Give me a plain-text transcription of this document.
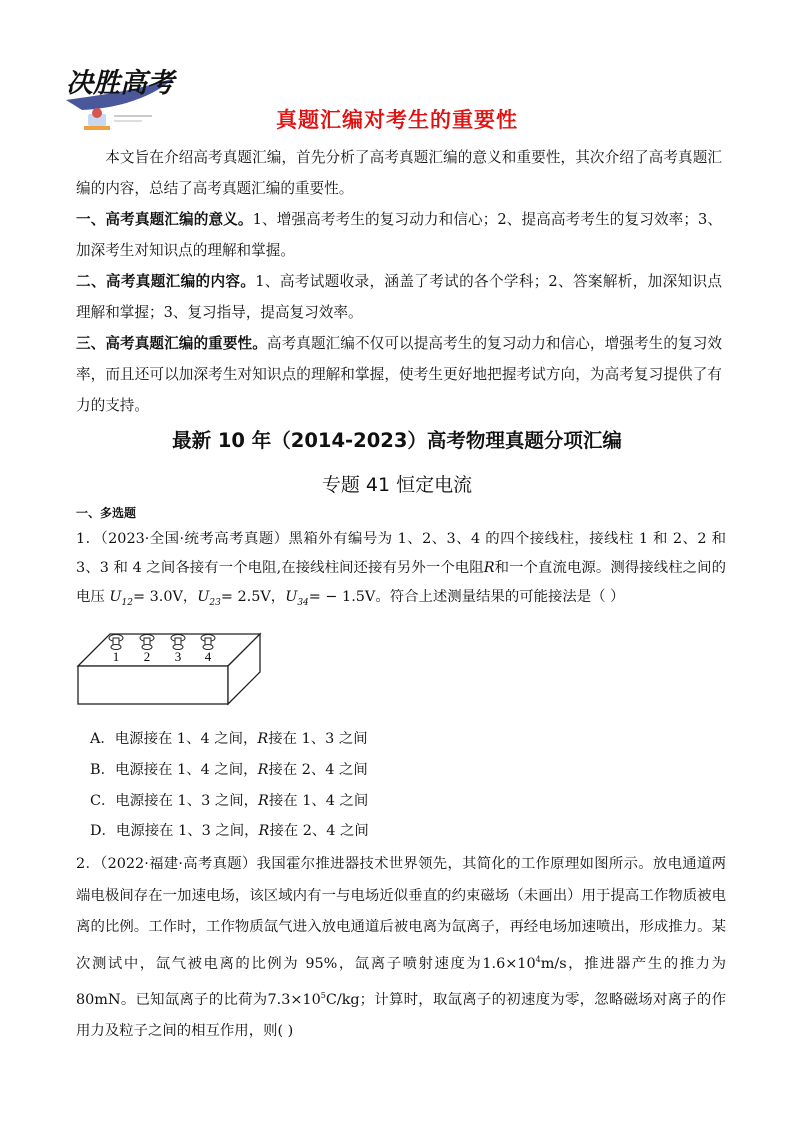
决胜高考
真题汇编对考生的重要性
本文旨在介绍高考真题汇编，首先分析了高考真题汇编的意义和重要性，其次介绍了高考真题汇编的内容，总结了高考真题汇编的重要性。
一、高考真题汇编的意义。1、增强高考考生的复习动力和信心；2、提高高考考生的复习效率；3、加深考生对知识点的理解和掌握。
二、高考真题汇编的内容。1、高考试题收录，涵盖了考试的各个学科；2、答案解析，加深知识点理解和掌握；3、复习指导，提高复习效率。
三、高考真题汇编的重要性。高考真题汇编不仅可以提高考生的复习动力和信心，增强考生的复习效率，而且还可以加深考生对知识点的理解和掌握，使考生更好地把握考试方向，为高考复习提供了有力的支持。
最新 10 年（2014-2023）高考物理真题分项汇编
专题 41 恒定电流
一、多选题
1．（2023·全国·统考高考真题）黑箱外有编号为 1、2、3、4 的四个接线柱，接线柱 1 和 2、2 和 3、3 和 4 之间各接有一个电阻,在接线柱间还接有另外一个电阻R和一个直流电源。测得接线柱之间的电压 $U_{12}= 3.0V$，$U_{23}= 2.5V$，$U_{34}= - 1.5V$。符合上述测量结果的可能接法是（ ）
1 2 3 4
A．电源接在 1、4 之间，R接在 1、3 之间
B．电源接在 1、4 之间，R接在 2、4 之间
C．电源接在 1、3 之间，R接在 1、4 之间
D．电源接在 1、3 之间，R接在 2、4 之间
2．（2022·福建·高考真题）我国霍尔推进器技术世界领先，其简化的工作原理如图所示。放电通道两端电极间存在一加速电场，该区域内有一与电场近似垂直的约束磁场（未画出）用于提高工作物质被电离的比例。工作时，工作物质氙气进入放电通道后被电离为氙离子，再经电场加速喷出，形成推力。某次测试中，氙气被电离的比例为 95%，氙离子喷射速度为$1.6\times 10^4m/s$，推进器产生的推力为 80mN。已知氙离子的比荷为$7.3\times 10^5C/kg$；计算时，取氙离子的初速度为零，忽略磁场对离子的作用力及粒子之间的相互作用，则( )
